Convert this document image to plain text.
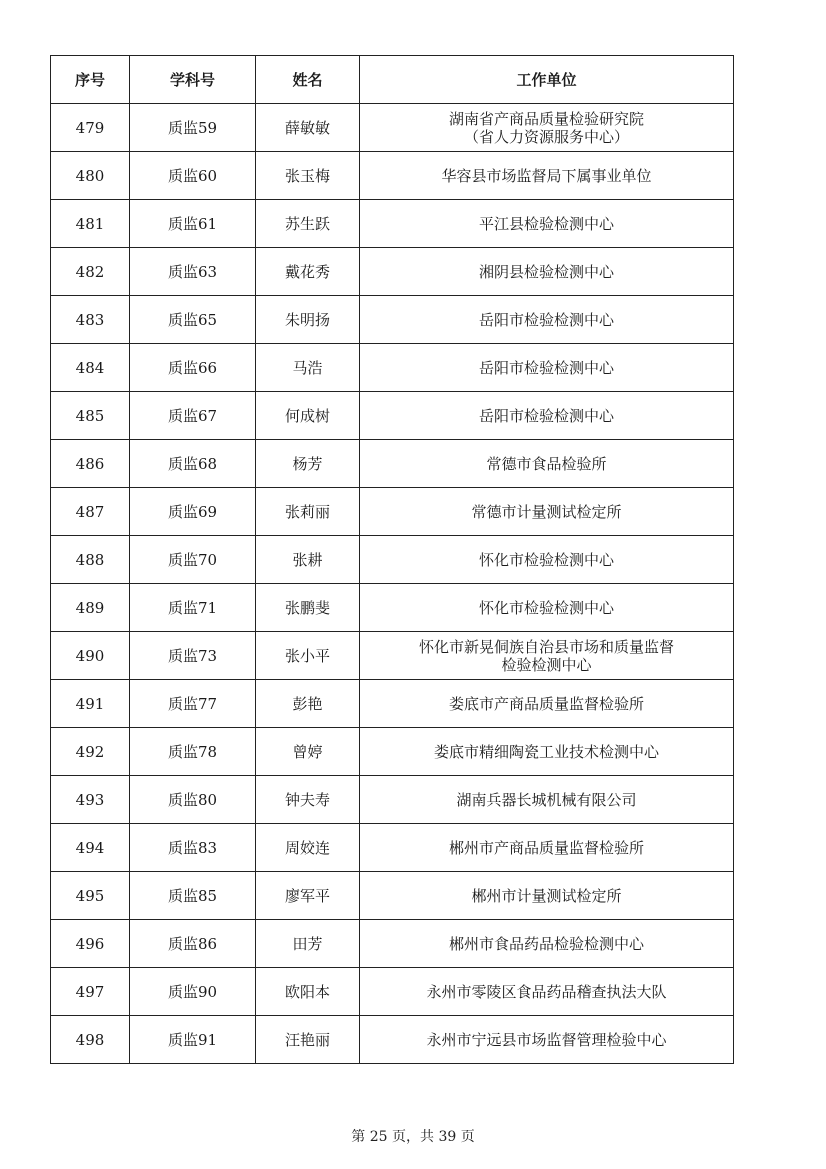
序号	学科号	姓名	工作单位
479	质监59	薛敏敏	湖南省产商品质量检验研究院
（省人力资源服务中心）

480	质监60	张玉梅	华容县市场监督局下属事业单位

481	质监61	苏生跃	平江县检验检测中心

482	质监63	戴花秀	湘阴县检验检测中心

483	质监65	朱明扬	岳阳市检验检测中心

484	质监66	马浩	岳阳市检验检测中心

485	质监67	何成树	岳阳市检验检测中心

486	质监68	杨芳	常德市食品检验所

487	质监69	张莉丽	常德市计量测试检定所

488	质监70	张耕	怀化市检验检测中心

489	质监71	张鹏斐	怀化市检验检测中心

490	质监73	张小平	怀化市新晃侗族自治县市场和质量监督
检验检测中心

491	质监77	彭艳	娄底市产商品质量监督检验所

492	质监78	曾婷	娄底市精细陶瓷工业技术检测中心

493	质监80	钟夫寿	湖南兵器长城机械有限公司

494	质监83	周姣连	郴州市产商品质量监督检验所

495	质监85	廖军平	郴州市计量测试检定所

496	质监86	田芳	郴州市食品药品检验检测中心

497	质监90	欧阳本	永州市零陵区食品药品稽查执法大队

498	质监91	汪艳丽	永州市宁远县市场监督管理检验中心
第 25 页，共 39 页
